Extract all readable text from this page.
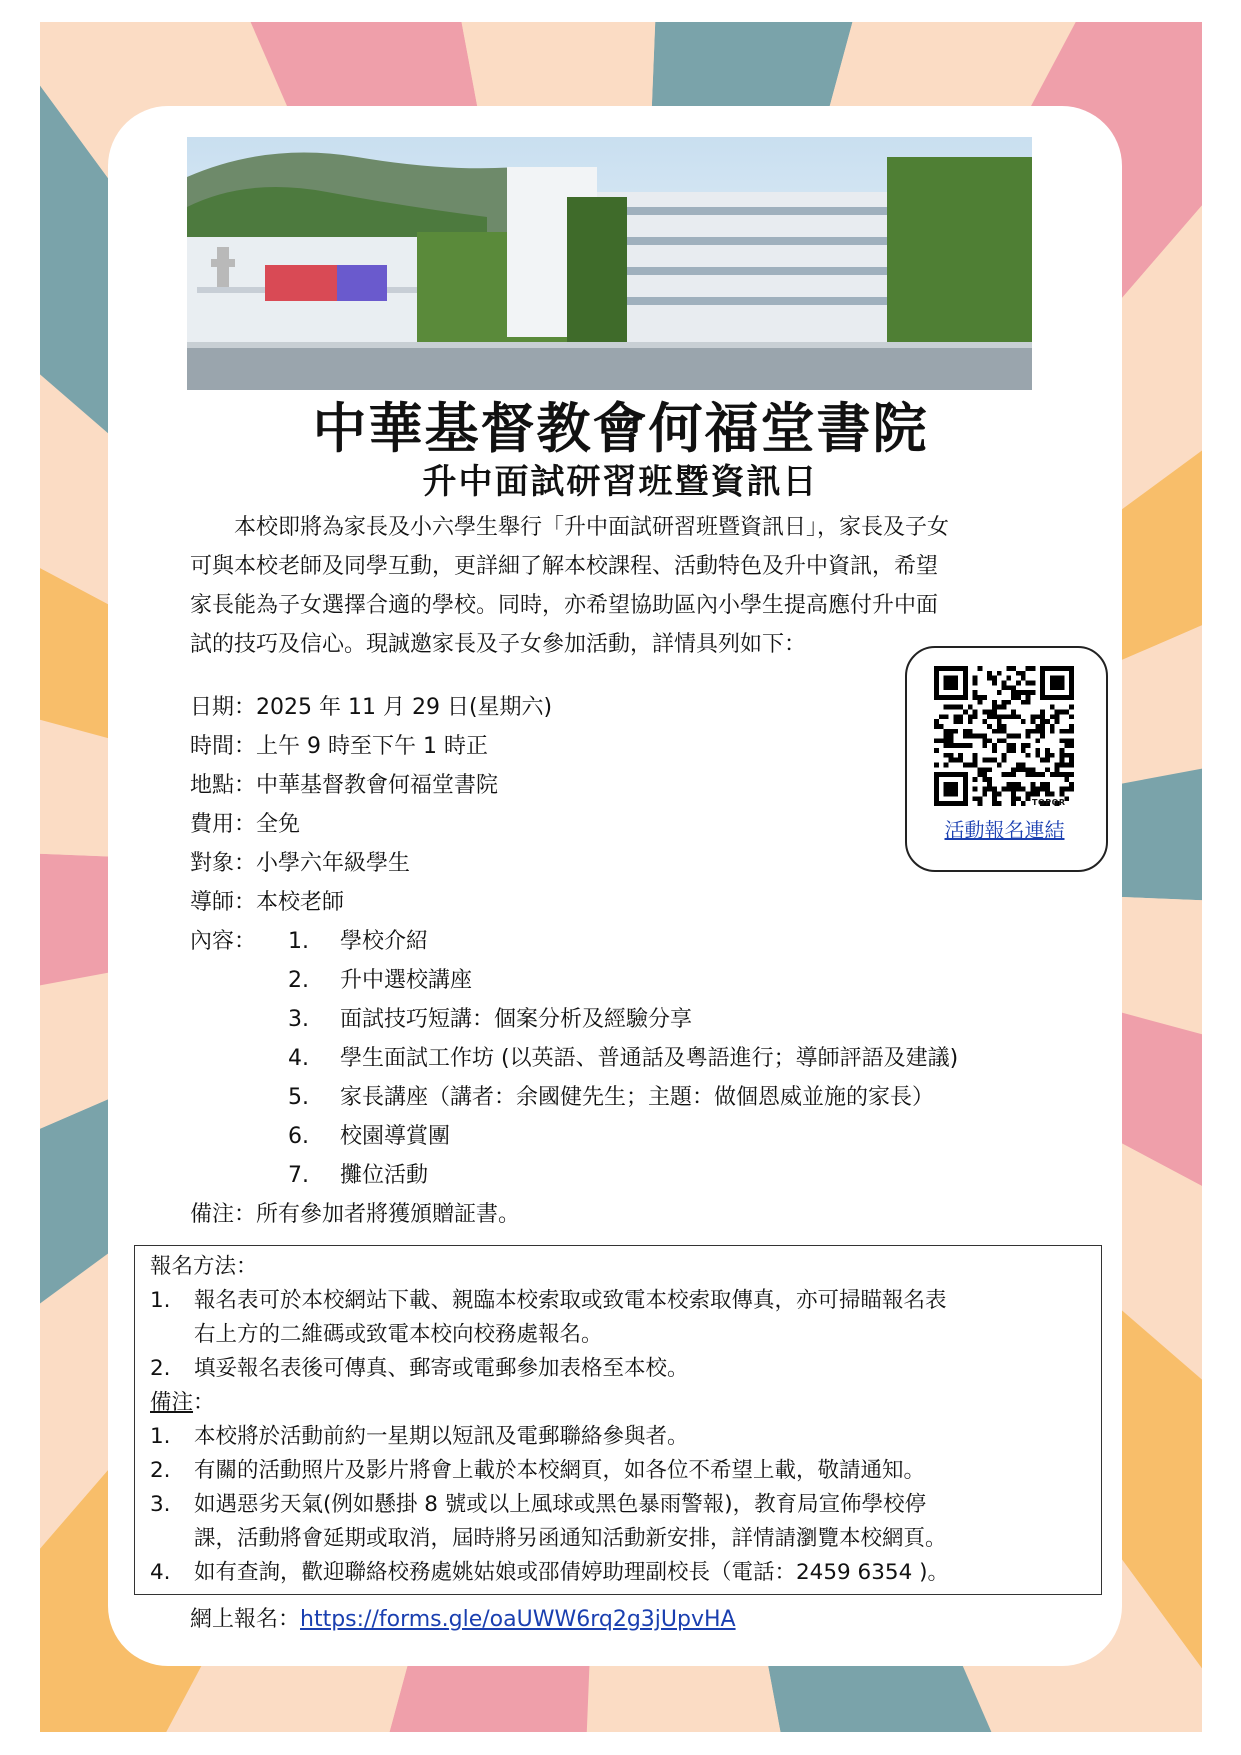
中華基督教會何福堂書院
升中面試研習班暨資訊日
　　本校即將為家長及小六學生舉行「升中面試研習班暨資訊日」，家長及子女
可與本校老師及同學互動，更詳細了解本校課程、活動特色及升中資訊，希望
家長能為子女選擇合適的學校。同時，亦希望協助區內小學生提高應付升中面
試的技巧及信心。現誠邀家長及子女參加活動，詳情具列如下：
日期：2025 年 11 月 29 日(星期六)
時間：上午 9 時至下午 1 時正
地點：中華基督教會何福堂書院
費用：全免
對象：小學六年級學生
導師：本校老師
內容： 1.	學校介紹
2.	升中選校講座
3.	面試技巧短講：個案分析及經驗分享
4.	學生面試工作坊 (以英語、普通話及粵語進行；導師評語及建議)
5.	家長講座（講者：余國健先生；主題：做個恩威並施的家長）
6.	校園導賞團
7.	攤位活動
備注：所有參加者將獲頒贈証書。
TOPQR
活動報名連結
報名方法：
1. 報名表可於本校網站下載、親臨本校索取或致電本校索取傳真，亦可掃瞄報名表
右上方的二維碼或致電本校向校務處報名。
2. 填妥報名表後可傳真、郵寄或電郵參加表格至本校。
備注：
1. 本校將於活動前約一星期以短訊及電郵聯絡參與者。
2. 有關的活動照片及影片將會上載於本校網頁，如各位不希望上載，敬請通知。
3. 如遇惡劣天氣(例如懸掛 8 號或以上風球或黑色暴雨警報)，教育局宣佈學校停
課，活動將會延期或取消，屆時將另函通知活動新安排，詳情請瀏覽本校網頁。
4. 如有查詢，歡迎聯絡校務處姚姑娘或邵倩婷助理副校長（電話：2459 6354 )。
網上報名：https://forms.gle/oaUWW6rq2g3jUpvHA
